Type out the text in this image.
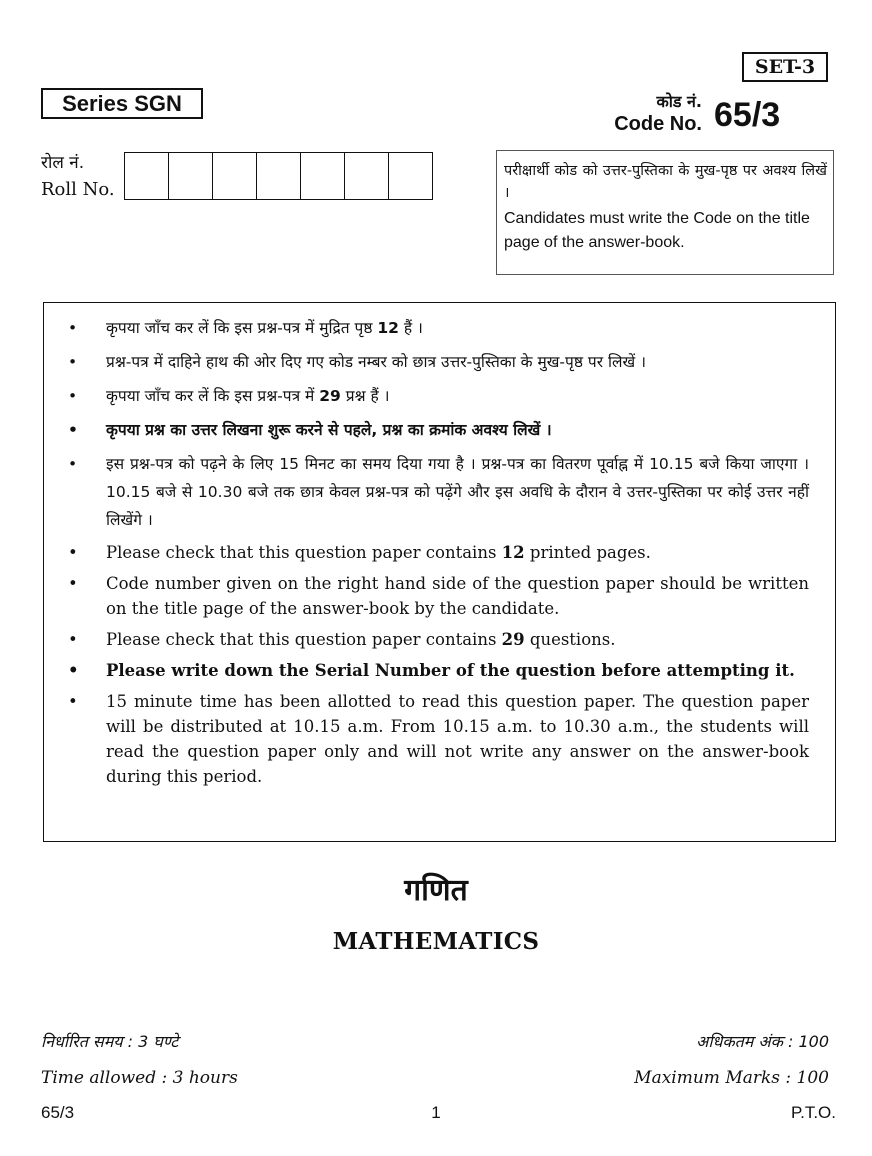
SET-3
Series SGN	कोड नं.
Code No. 65/3
रोल नं.
Roll No.
परीक्षार्थी कोड को उत्तर-पुस्तिका के मुख-पृष्ठ पर अवश्य लिखें ।
Candidates must write the Code on the title page of the answer-book.
• कृपया जाँच कर लें कि इस प्रश्न-पत्र में मुद्रित पृष्ठ 12 हैं ।
• प्रश्न-पत्र में दाहिने हाथ की ओर दिए गए कोड नम्बर को छात्र उत्तर-पुस्तिका के मुख-पृष्ठ पर लिखें ।
• कृपया जाँच कर लें कि इस प्रश्न-पत्र में 29 प्रश्न हैं ।
• कृपया प्रश्न का उत्तर लिखना शुरू करने से पहले, प्रश्न का क्रमांक अवश्य लिखें ।
• इस प्रश्न-पत्र को पढ़ने के लिए 15 मिनट का समय दिया गया है । प्रश्न-पत्र का वितरण पूर्वाह्न में 10.15 बजे किया जाएगा । 10.15 बजे से 10.30 बजे तक छात्र केवल प्रश्न-पत्र को पढ़ेंगे और इस अवधि के दौरान वे उत्तर-पुस्तिका पर कोई उत्तर नहीं लिखेंगे ।
• Please check that this question paper contains 12 printed pages.
• Code number given on the right hand side of the question paper should be written on the title page of the answer-book by the candidate.
• Please check that this question paper contains 29 questions.
• Please write down the Serial Number of the question before attempting it.
• 15 minute time has been allotted to read this question paper. The question paper will be distributed at 10.15 a.m. From 10.15 a.m. to 10.30 a.m., the students will read the question paper only and will not write any answer on the answer-book during this period.
गणित
MATHEMATICS
निर्धारित समय : 3 घण्टे
Time allowed : 3 hours
अधिकतम अंक : 100
Maximum Marks : 100
65/3	1	P.T.O.
